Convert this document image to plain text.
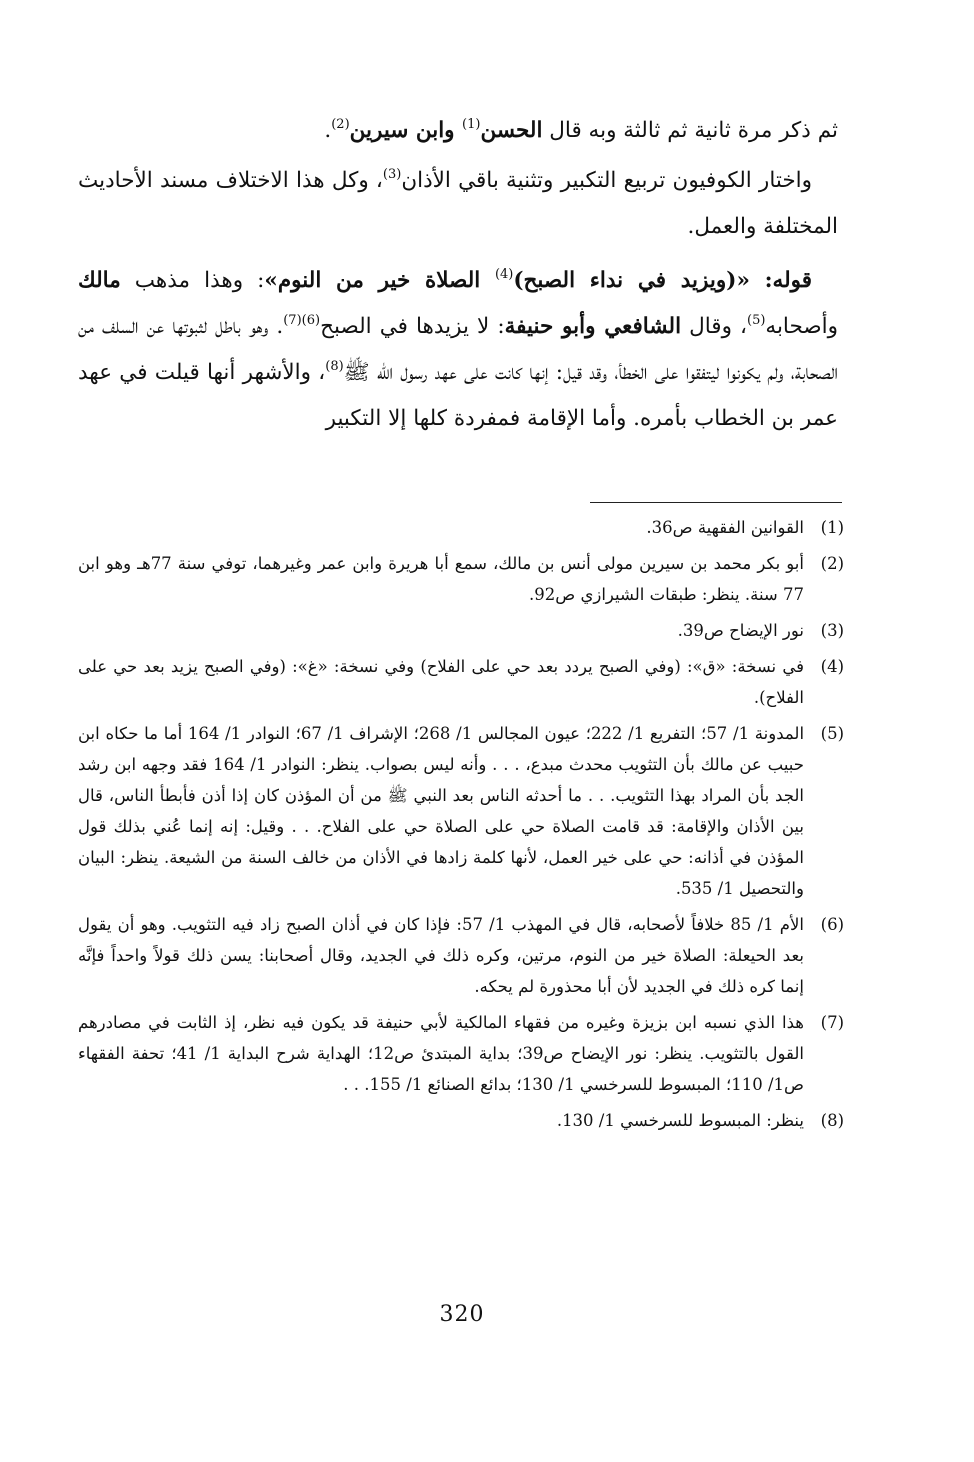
ثم ذكر مرة ثانية ثم ثالثة وبه قال الحسن$^{(1)}$ وابن سيرين$^{(2)}$.

واختار الكوفيون تربيع التكبير وتثنية باقي الأذان$^{(3)}$، وكل هذا الاختلاف مسند الأحاديث المختلفة والعمل.

قوله: «(ويزيد في نداء الصبح)$^{(4)}$ الصلاة خير من النوم»: وهذا مذهب مالك وأصحابه$^{(5)}$، وقال الشافعي وأبو حنيفة: لا يزيدها في الصبح$^{(6)(7)}$. وهو باطل لثبوتها عن السلف من الصحابة، ولم يكونوا ليتفقوا على الخطأ، وقد قيل: إنها كانت على عهد رسول الله ﷺ$^{(8)}$، والأشهر أنها قيلت في عهد عمر بن الخطاب بأمره. وأما الإقامة فمفردة كلها إلا التكبير

(1)
القوانين الفقهية ص36.
(2)
أبو بكر محمد بن سيرين مولى أنس بن مالك، سمع أبا هريرة وابن عمر وغيرهما، توفي سنة 77هـ وهو ابن 77 سنة. ينظر: طبقات الشيرازي ص92.
(3)
نور الإيضاح ص39.
(4)
في نسخة: «ق»: (وفي الصبح يردد بعد حي على الفلاح) وفي نسخة: «غ»: (وفي الصبح يزيد بعد حي على الفلاح).
(5)
المدونة 1/ 57؛ التفريع 1/ 222؛ عيون المجالس 1/ 268؛ الإشراف 1/ 67؛ النوادر 1/ 164 أما ما حكاه ابن حبيب عن مالك بأن التثويب محدث مبدع، . . . وأنه ليس بصواب. ينظر: النوادر 1/ 164 فقد وجهه ابن رشد الجد بأن المراد بهذا التثويب. . . ما أحدثه الناس بعد النبي ﷺ من أن المؤذن كان إذا أذن فأبطأ الناس، قال بين الأذان والإقامة: قد قامت الصلاة حي على الصلاة حي على الفلاح. . . وقيل: إنه إنما عُني بذلك قول المؤذن في أذانه: حي على خير العمل، لأنها كلمة زادها في الأذان من خالف السنة من الشيعة. ينظر: البيان والتحصيل 1/ 535.
(6)
الأم 1/ 85 خلافاً لأصحابه، قال في المهذب 1/ 57: فإذا كان في أذان الصبح زاد فيه التثويب. وهو أن يقول بعد الحيعلة: الصلاة خير من النوم، مرتين، وكره ذلك في الجديد، وقال أصحابنا: يسن ذلك قولاً واحداً فإنَّه إنما كره ذلك في الجديد لأن أبا محذورة لم يحكه.
(7)
هذا الذي نسبه ابن بزيزة وغيره من فقهاء المالكية لأبي حنيفة قد يكون فيه نظر، إذ الثابت في مصادرهم القول بالتثويب. ينظر: نور الإيضاح ص39؛ بداية المبتدئ ص12؛ الهداية شرح البداية 1/ 41؛ تحفة الفقهاء ص1/ 110؛ المبسوط للسرخسي 1/ 130؛ بدائع الصنائع 1/ 155. . .
(8)
ينظر: المبسوط للسرخسي 1/ 130.
320
